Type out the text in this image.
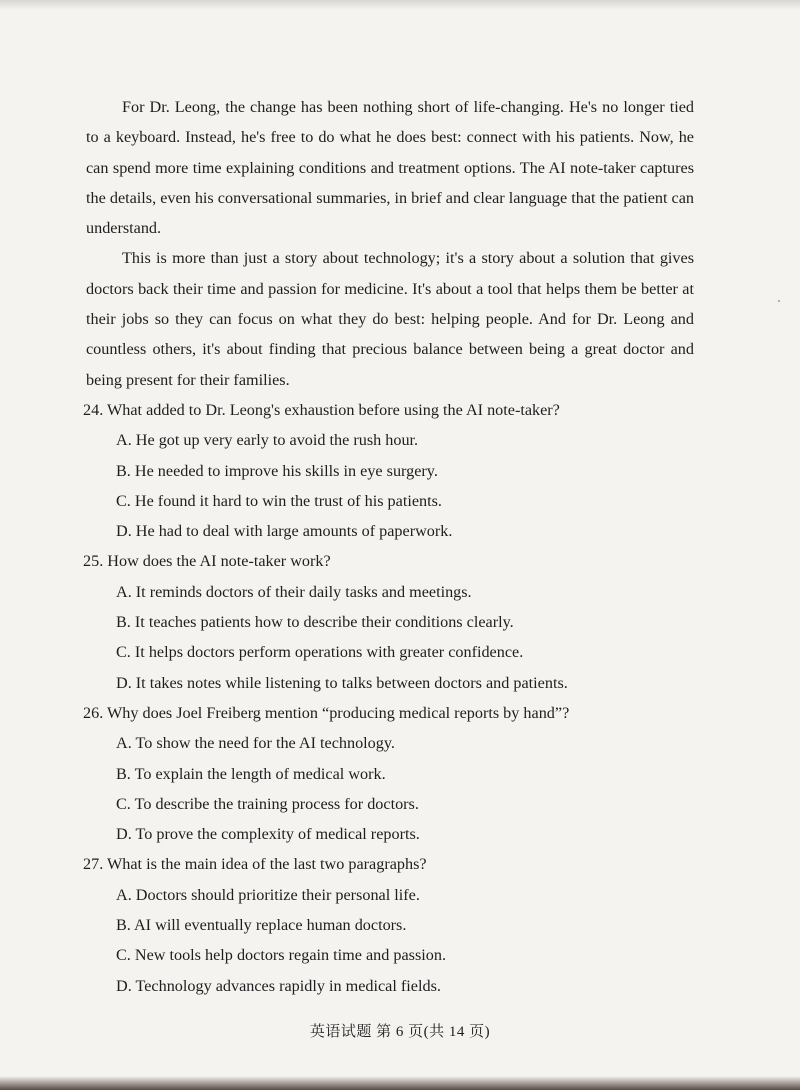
For Dr. Leong, the change has been nothing short of life-changing. He's no longer tied to a keyboard. Instead, he's free to do what he does best: connect with his patients. Now, he can spend more time explaining conditions and treatment options. The AI note-taker captures the details, even his conversational summaries, in brief and clear language that the patient can understand.

This is more than just a story about technology; it's a story about a solution that gives doctors back their time and passion for medicine. It's about a tool that helps them be better at their jobs so they can focus on what they do best: helping people. And for Dr. Leong and countless others, it's about finding that precious balance between being a great doctor and being present for their families.

24. What added to Dr. Leong's exhaustion before using the AI note-taker?

A. He got up very early to avoid the rush hour.
B. He needed to improve his skills in eye surgery.
C. He found it hard to win the trust of his patients.
D. He had to deal with large amounts of paperwork.

25. How does the AI note-taker work?

A. It reminds doctors of their daily tasks and meetings.
B. It teaches patients how to describe their conditions clearly.
C. It helps doctors perform operations with greater confidence.
D. It takes notes while listening to talks between doctors and patients.

26. Why does Joel Freiberg mention “producing medical reports by hand”?

A. To show the need for the AI technology.
B. To explain the length of medical work.
C. To describe the training process for doctors.
D. To prove the complexity of medical reports.

27. What is the main idea of the last two paragraphs?

A. Doctors should prioritize their personal life.
B. AI will eventually replace human doctors.
C. New tools help doctors regain time and passion.
D. Technology advances rapidly in medical fields.
英语试题 第 6 页(共 14 页)
